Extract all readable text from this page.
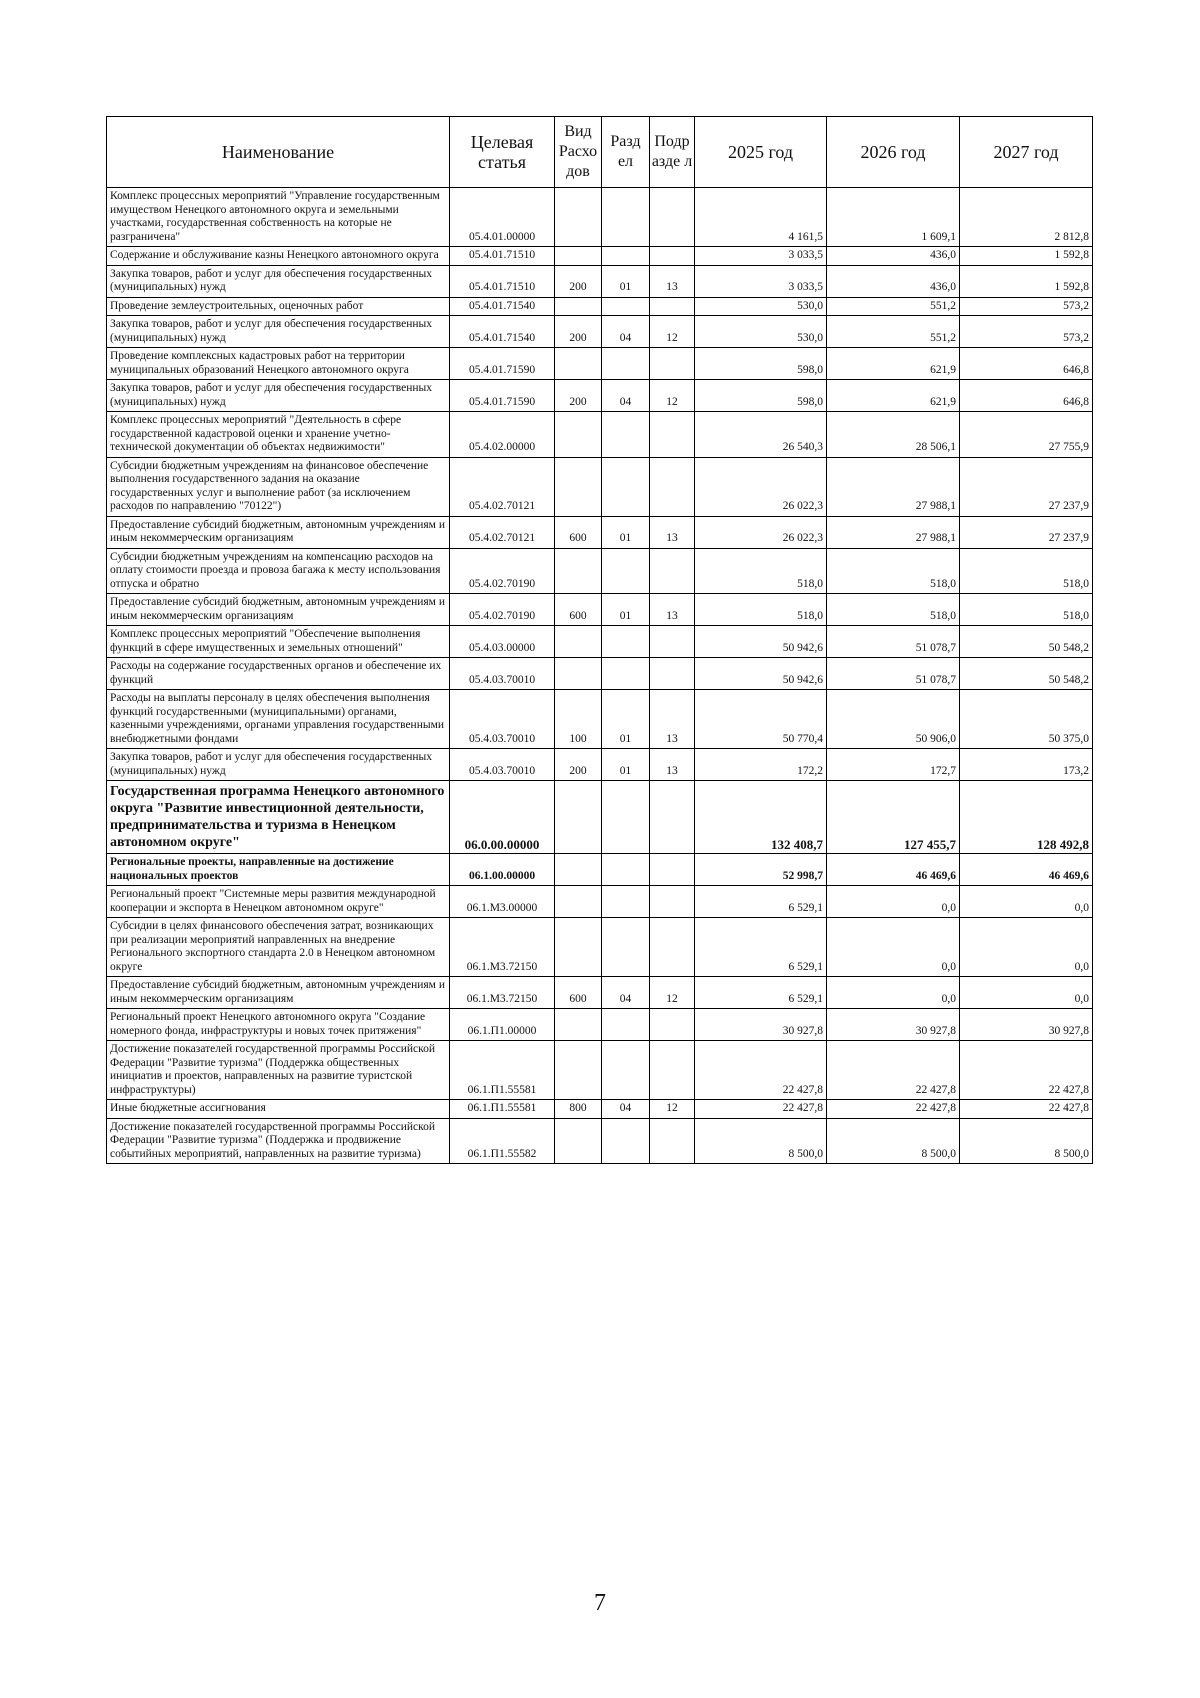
Наименование	Целевая статья	Вид Расхо дов	Разд ел	Подр азде л	2025 год	2026 год	2027 год
Комплекс процессных мероприятий "Управление государственным имуществом Ненецкого автономного округа и земельными участками, государственная собственность на которые не разграничена"	05.4.01.00000				4 161,5	1 609,1	2 812,8
Содержание и обслуживание казны Ненецкого автономного округа	05.4.01.71510				3 033,5	436,0	1 592,8
Закупка товаров, работ и услуг для обеспечения государственных (муниципальных) нужд	05.4.01.71510	200	01	13	3 033,5	436,0	1 592,8
Проведение землеустроительных, оценочных работ	05.4.01.71540				530,0	551,2	573,2
Закупка товаров, работ и услуг для обеспечения государственных (муниципальных) нужд	05.4.01.71540	200	04	12	530,0	551,2	573,2
Проведение комплексных кадастровых работ на территории муниципальных образований Ненецкого автономного округа	05.4.01.71590				598,0	621,9	646,8
Закупка товаров, работ и услуг для обеспечения государственных (муниципальных) нужд	05.4.01.71590	200	04	12	598,0	621,9	646,8
Комплекс процессных мероприятий "Деятельность в сфере государственной кадастровой оценки и хранение учетно-технической документации об объектах недвижимости"	05.4.02.00000				26 540,3	28 506,1	27 755,9
Субсидии бюджетным учреждениям на финансовое обеспечение выполнения государственного задания на оказание государственных услуг и выполнение работ (за исключением расходов по направлению "70122")	05.4.02.70121				26 022,3	27 988,1	27 237,9
Предоставление субсидий бюджетным, автономным учреждениям и иным некоммерческим организациям	05.4.02.70121	600	01	13	26 022,3	27 988,1	27 237,9
Субсидии бюджетным учреждениям на компенсацию расходов на оплату стоимости проезда и провоза багажа к месту использования отпуска и обратно	05.4.02.70190				518,0	518,0	518,0
Предоставление субсидий бюджетным, автономным учреждениям и иным некоммерческим организациям	05.4.02.70190	600	01	13	518,0	518,0	518,0
Комплекс процессных мероприятий "Обеспечение выполнения функций в сфере имущественных и земельных отношений"	05.4.03.00000				50 942,6	51 078,7	50 548,2
Расходы на содержание государственных органов и обеспечение их функций	05.4.03.70010				50 942,6	51 078,7	50 548,2
Расходы на выплаты персоналу в целях обеспечения выполнения функций государственными (муниципальными) органами, казенными учреждениями, органами управления государственными внебюджетными фондами	05.4.03.70010	100	01	13	50 770,4	50 906,0	50 375,0
Закупка товаров, работ и услуг для обеспечения государственных (муниципальных) нужд	05.4.03.70010	200	01	13	172,2	172,7	173,2
Государственная программа Ненецкого автономного округа "Развитие инвестиционной деятельности, предпринимательства и туризма в Ненецком автономном округе"	06.0.00.00000				132 408,7	127 455,7	128 492,8
Региональные проекты, направленные на достижение национальных проектов	06.1.00.00000				52 998,7	46 469,6	46 469,6
Региональный проект "Системные меры развития международной кооперации и экспорта в Ненецком автономном округе"	06.1.М3.00000				6 529,1	0,0	0,0
Субсидии в целях финансового обеспечения затрат, возникающих при реализации мероприятий направленных на внедрение Регионального экспортного стандарта 2.0 в Ненецком автономном округе	06.1.М3.72150				6 529,1	0,0	0,0
Предоставление субсидий бюджетным, автономным учреждениям и иным некоммерческим организациям	06.1.М3.72150	600	04	12	6 529,1	0,0	0,0
Региональный проект Ненецкого автономного округа "Создание номерного фонда, инфраструктуры и новых точек притяжения"	06.1.П1.00000				30 927,8	30 927,8	30 927,8
Достижение показателей государственной программы Российской Федерации "Развитие туризма" (Поддержка общественных инициатив и проектов, направленных на развитие туристской инфраструктуры)	06.1.П1.55581				22 427,8	22 427,8	22 427,8
Иные бюджетные ассигнования	06.1.П1.55581	800	04	12	22 427,8	22 427,8	22 427,8
Достижение показателей государственной программы Российской Федерации "Развитие туризма" (Поддержка и продвижение событийных мероприятий, направленных на развитие туризма)	06.1.П1.55582				8 500,0	8 500,0	8 500,0
7
